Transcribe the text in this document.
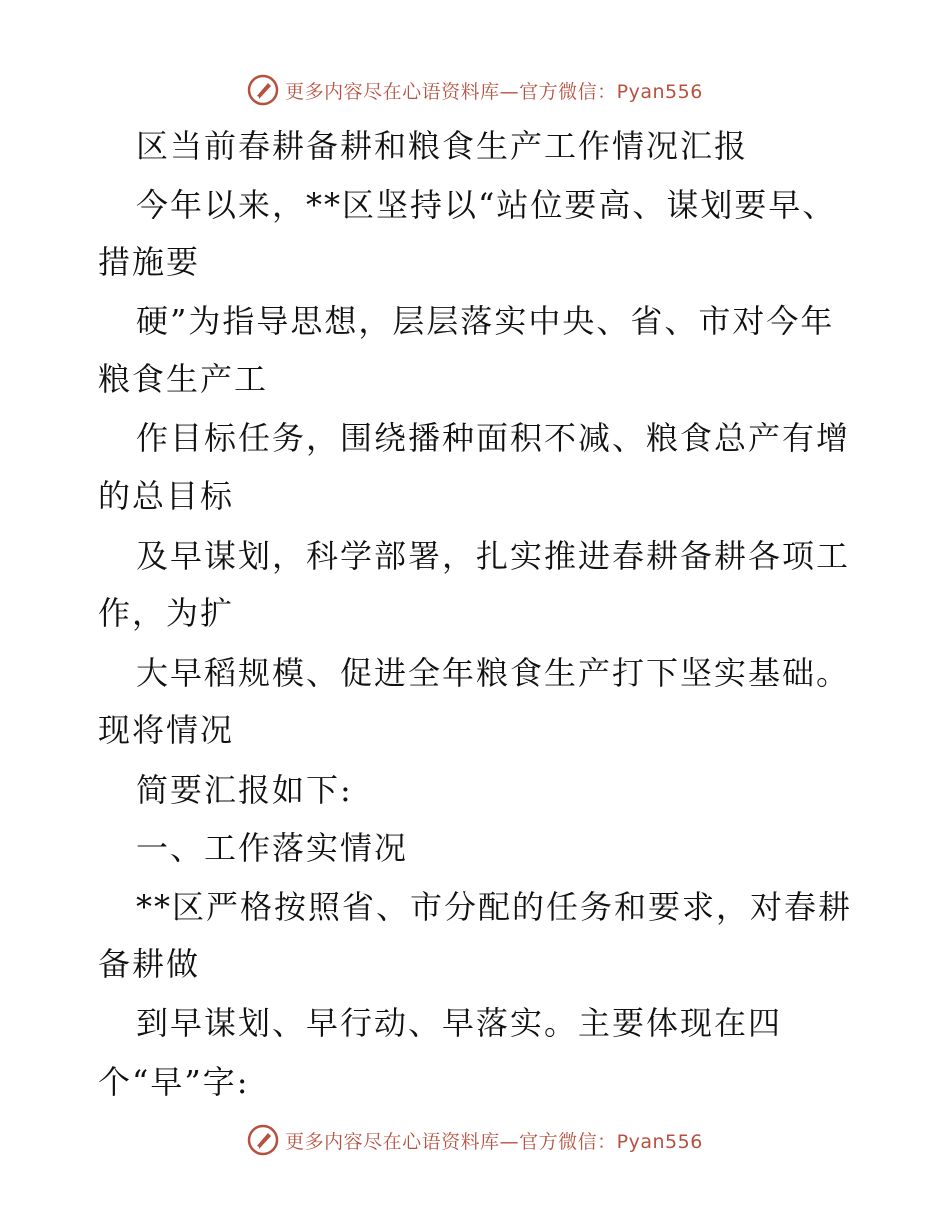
更多内容尽在心语资料库—官方微信：Pyan556
区当前春耕备耕和粮食生产工作情况汇报
今年以来，**区坚持以“站位要高、谋划要早、
措施要
硬”为指导思想，层层落实中央、省、市对今年
粮食生产工
作目标任务，围绕播种面积不减、粮食总产有增
的总目标
及早谋划，科学部署，扎实推进春耕备耕各项工
作，为扩
大早稻规模、促进全年粮食生产打下坚实基础。
现将情况
简要汇报如下:
一、工作落实情况
**区严格按照省、市分配的任务和要求，对春耕
备耕做
到早谋划、早行动、早落实。主要体现在四
个“早”字:
更多内容尽在心语资料库—官方微信：Pyan556
